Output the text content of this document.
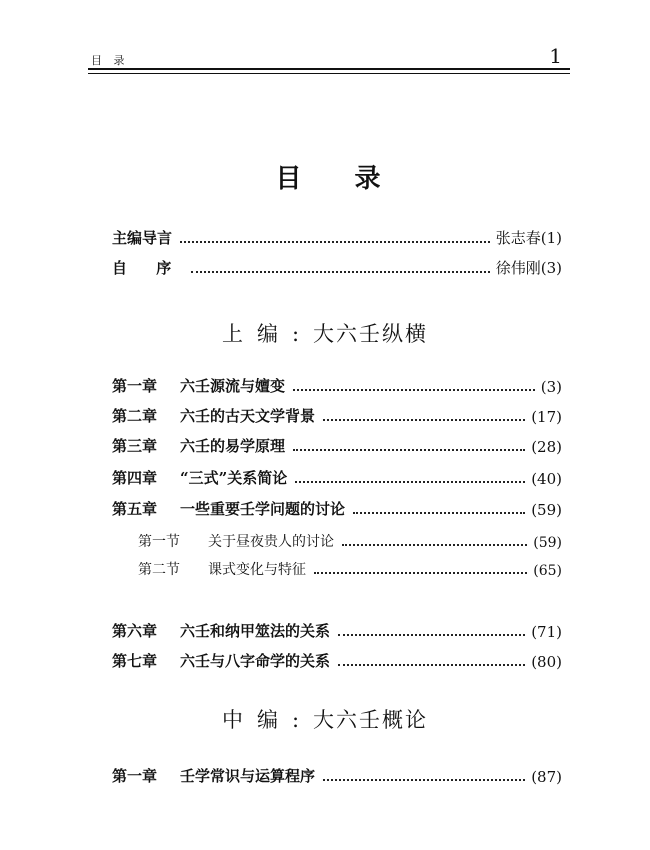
目 录	1
目 录
主编导言	张志春(1)
自 序	徐伟刚(3)
上编:大六壬纵横
第一章 六壬源流与嬗变	(3)
第二章 六壬的古天文学背景	(17)
第三章 六壬的易学原理	(28)
第四章 “三式”关系简论	(40)
第五章 一些重要壬学问题的讨论	(59)
第一节 关于昼夜贵人的讨论	(59)
第二节 课式变化与特征	(65)
第六章 六壬和纳甲筮法的关系	(71)
第七章 六壬与八字命学的关系	(80)
中编:大六壬概论
第一章 壬学常识与运算程序	(87)
